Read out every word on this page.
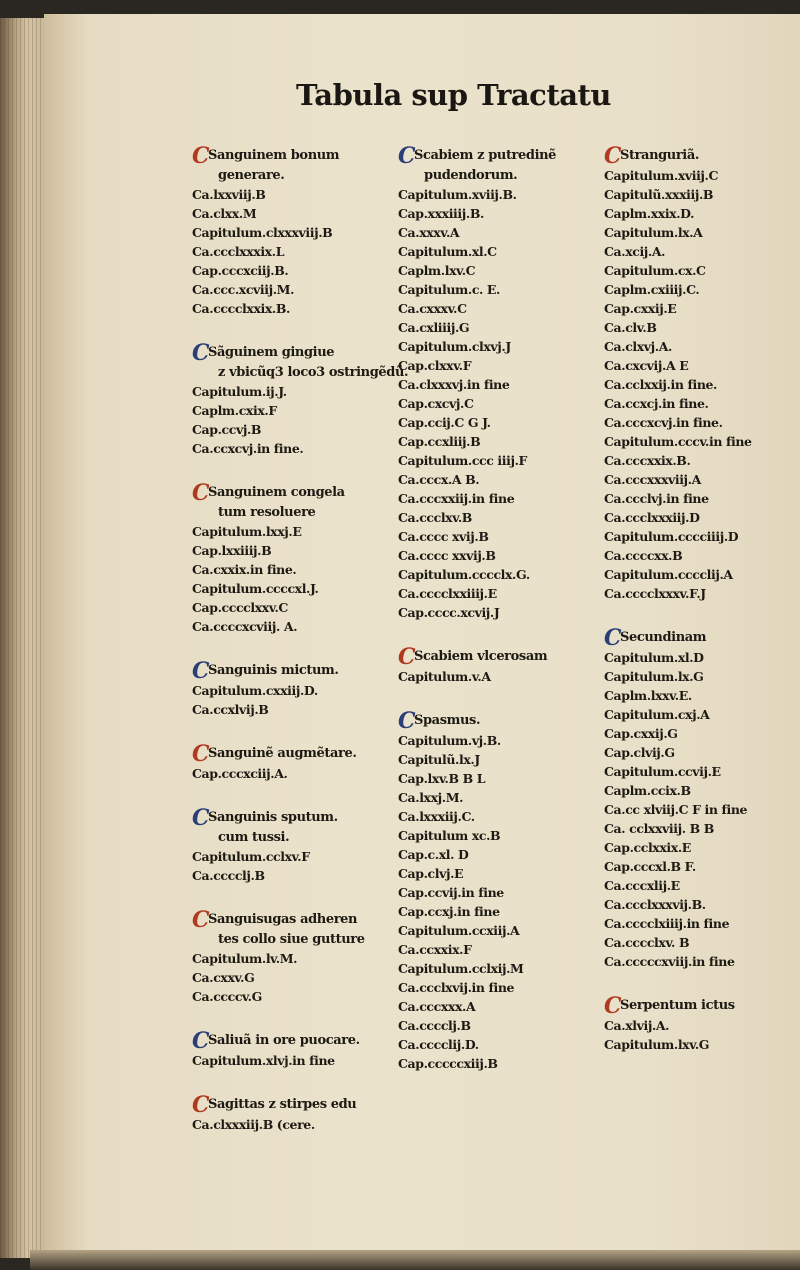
Tabula sup Tractatu
CSanguinem bonum
generare.
Ca.lxxviij.B
Ca.clxx.M
Capitulum.clxxxviij.B
Ca.ccclxxxix.L
Cap.cccxciij.B.
Ca.ccc.xcviij.M.
Ca.cccclxxix.B.
CSãguinem gingiue
z vbicũq3 loco3 ostringẽdũ.
Capitulum.ij.J.
Caplm.cxix.F
Cap.ccvj.B
Ca.ccxcvj.in fine.
CSanguinem congela
tum resoluere
Capitulum.lxxj.E
Cap.lxxiiij.B
Ca.cxxix.in fine.
Capitulum.ccccxl.J.
Cap.cccclxxv.C
Ca.ccccxcviij. A.
CSanguinis mictum.
Capitulum.cxxiij.D.
Ca.ccxlvij.B
CSanguinẽ augmẽtare.
Cap.cccxciij.A.
CSanguinis sputum.
cum tussi.
Capitulum.cclxv.F
Ca.cccclj.B
CSanguisugas adheren
tes collo siue gutture
Capitulum.lv.M.
Ca.cxxv.G
Ca.ccccv.G
CSaliuã in ore puocare.
Capitulum.xlvj.in fine
CSagittas z stirpes edu
Ca.clxxxiij.B (cere.
CScabiem z putredinẽ
pudendorum.
Capitulum.xviij.B.
Cap.xxxiiij.B.
Ca.xxxv.A
Capitulum.xl.C
Caplm.lxv.C
Capitulum.c. E.
Ca.cxxxv.C
Ca.cxliiij.G
Capitulum.clxvj.J
Cap.clxxv.F
Ca.clxxxvj.in fine
Cap.cxcvj.C
Cap.ccij.C G J.
Cap.ccxliij.B
Capitulum.ccc iiij.F
Ca.cccx.A B.
Ca.cccxxiij.in fine
Ca.ccclxv.B
Ca.cccc xvij.B
Ca.cccc xxvij.B
Capitulum.cccclx.G.
Ca.cccclxxiiij.E
Cap.cccc.xcvij.J
CScabiem vlcerosam
Capitulum.v.A
CSpasmus.
Capitulum.vj.B.
Capitulũ.lx.J
Cap.lxv.B B L
Ca.lxxj.M.
Ca.lxxxiij.C.
Capitulum xc.B
Cap.c.xl. D
Cap.clvj.E
Cap.ccvij.in fine
Cap.ccxj.in fine
Capitulum.ccxiij.A
Ca.ccxxix.F
Capitulum.cclxij.M
Ca.ccclxvij.in fine
Ca.cccxxx.A
Ca.cccclj.B
Ca.cccclij.D.
Cap.cccccxiij.B
CStranguriã.
Capitulum.xviij.C
Capitulũ.xxxiij.B
Caplm.xxix.D.
Capitulum.lx.A
Ca.xcij.A.
Capitulum.cx.C
Caplm.cxiiij.C.
Cap.cxxij.E
Ca.clv.B
Ca.clxvj.A.
Ca.cxcvij.A E
Ca.cclxxij.in fine.
Ca.ccxcj.in fine.
Ca.cccxcvj.in fine.
Capitulum.cccv.in fine
Ca.cccxxix.B.
Ca.cccxxxviij.A
Ca.ccclvj.in fine
Ca.ccclxxxiij.D
Capitulum.cccciiij.D
Ca.ccccxx.B
Capitulum.cccclij.A
Ca.cccclxxxv.F.J
CSecundinam
Capitulum.xl.D
Capitulum.lx.G
Caplm.lxxv.E.
Capitulum.cxj.A
Cap.cxxij.G
Cap.clvij.G
Capitulum.ccvij.E
Caplm.ccix.B
Ca.cc xlviij.C F in fine
Ca. cclxxviij. B B
Cap.cclxxix.E
Cap.cccxl.B F.
Ca.cccxlij.E
Ca.ccclxxxvij.B.
Ca.cccclxiiij.in fine
Ca.cccclxv. B
Ca.cccccxviij.in fine
CSerpentum ictus
Ca.xlvij.A.
Capitulum.lxv.G
